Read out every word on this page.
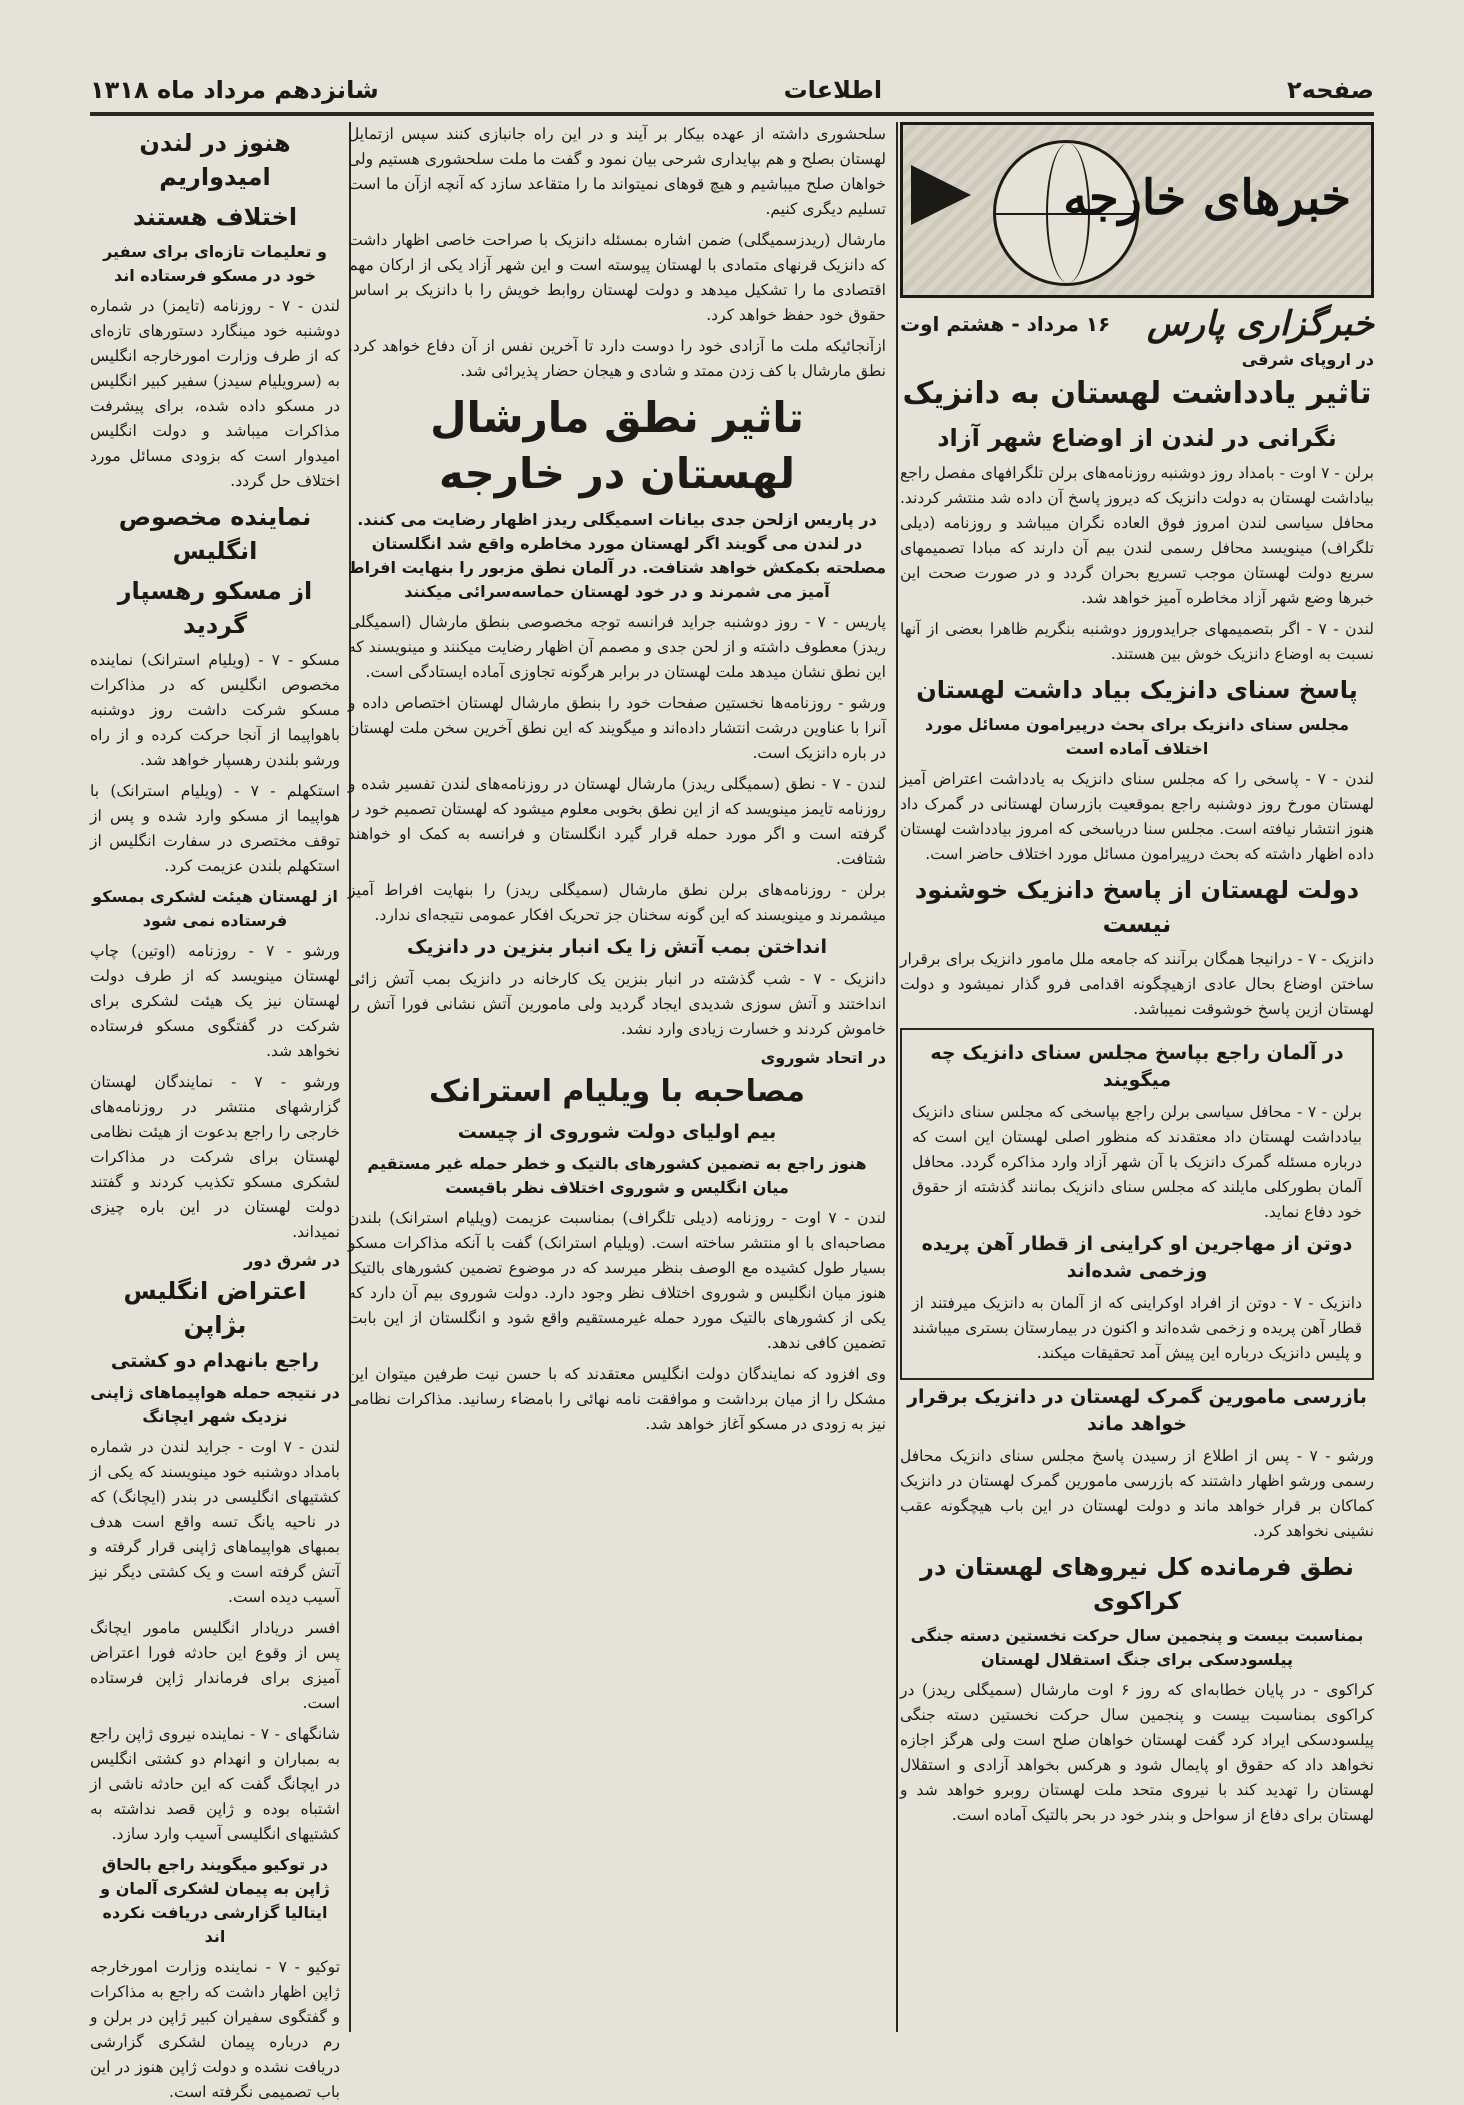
صفحه۲
اطلاعات
شانزدهم مرداد ماه ۱۳۱۸
خبرهای خارجه
خبرگزاری پارس
۱۶ مرداد - هشتم اوت
در اروپای شرقی
تاثیر یادداشت لهستان به دانزیک
نگرانی در لندن از اوضاع شهر آزاد

برلن - ۷ اوت - بامداد روز دوشنبه روزنامه‌های برلن تلگرافهای مفصل راجع بیاداشت لهستان به دولت دانزیک که دیروز پاسخ آن داده شد منتشر کردند. محافل سیاسی لندن امروز فوق العاده نگران میباشد و روزنامه (دیلی تلگراف) مینویسد محافل رسمی لندن بیم آن دارند که مبادا تصمیمهای سریع دولت لهستان موجب تسریع بحران گردد و در صورت صحت این خبرها وضع شهر آزاد مخاطره آمیز خواهد شد.

لندن - ۷ - اگر بتصمیمهای جرایدوروز دوشنبه بنگریم ظاهرا بعضی از آنها نسبت به اوضاع دانزیک خوش بین هستند.

پاسخ سنای دانزیک بیاد داشت لهستان
مجلس سنای دانزیک برای بحث درپیرامون مسائل مورد اختلاف آماده است

لندن - ۷ - پاسخی را که مجلس سنای دانزیک به یادداشت اعتراض آمیز لهستان مورخ روز دوشنبه راجع بموقعیت بازرسان لهستانی در گمرک داد هنوز انتشار نیافته است. مجلس سنا دریاسخی که امروز بیادداشت لهستان داده اظهار داشته که بحث درپیرامون مسائل مورد اختلاف حاضر است.

دولت لهستان از پاسخ دانزیک خوشنود نیست

دانزیک - ۷ - درانیجا همگان برآنند که جامعه ملل مامور دانزیک برای برقرار ساختن اوضاع بحال عادی ازهیچگونه اقدامی فرو گذار نمیشود و دولت لهستان ازین پاسخ خوشوقت نمیباشد.

در آلمان راجع بپاسخ مجلس سنای دانزیک چه میگویند

برلن - ۷ - محافل سیاسی برلن راجع بپاسخی که مجلس سنای دانزیک بیادداشت لهستان داد معتقدند که منظور اصلی لهستان این است که درباره مسئله گمرک دانزیک با آن شهر آزاد وارد مذاکره گردد. محافل آلمان بطورکلی مایلند که مجلس سنای دانزیک بمانند گذشته از حقوق خود دفاع نماید.

دوتن از مهاجرین او کراینی از قطار آهن پریده وزخمی شده‌اند

دانزیک - ۷ - دوتن از افراد اوکراینی که از آلمان به دانزیک میرفتند از قطار آهن پریده و زخمی شده‌اند و اکنون در بیمارستان بستری میباشند و پلیس دانزیک درباره این پیش آمد تحقیقات میکند.

بازرسی مامورین گمرک لهستان در دانزیک برقرار خواهد ماند

ورشو - ۷ - پس از اطلاع از رسیدن پاسخ مجلس سنای دانزیک محافل رسمی ورشو اظهار داشتند که بازرسی مامورین گمرک لهستان در دانزیک کماکان بر قرار خواهد ماند و دولت لهستان در این باب هیچگونه عقب نشینی نخواهد کرد.

نطق فرمانده کل نیروهای لهستان در کراکوی
بمناسبت بیست و پنجمین سال حرکت نخستین دسته جنگی پیلسودسکی برای جنگ استقلال لهستان

کراکوی - در پایان خطابه‌ای که روز ۶ اوت مارشال (سمیگلی ریدز) در کراکوی بمناسبت بیست و پنجمین سال حرکت نخستین دسته جنگی پیلسودسکی ایراد کرد گفت لهستان خواهان صلح است ولی هرگز اجازه نخواهد داد که حقوق او پایمال شود و هرکس بخواهد آزادی و استقلال لهستان را تهدید کند با نیروی متحد ملت لهستان روبرو خواهد شد و لهستان برای دفاع از سواحل و بندر خود در بحر بالتیک آماده است.

سلحشوری داشته از عهده بیکار بر آیند و در این راه جانبازی کنند سپس ازتمایل لهستان بصلح و هم بپایداری شرحی بیان نمود و گفت ما ملت سلحشوری هستیم ولی خواهان صلح میباشیم و هیچ قوهای نمیتواند ما را متقاعد سازد که آنچه ازآن ما است تسلیم دیگری کنیم.

مارشال (ریدزسمیگلی) ضمن اشاره بمسئله دانزیک با صراحت خاصی اظهار داشت که دانزیک قرنهای متمادی با لهستان پیوسته است و این شهر آزاد یکی از ارکان مهم اقتصادی ما را تشکیل میدهد و دولت لهستان روابط خویش را با دانزیک بر اساس حقوق خود حفظ خواهد کرد.

ازآنجائیکه ملت ما آزادی خود را دوست دارد تا آخرین نفس از آن دفاع خواهد کرد. نطق مارشال با کف زدن ممتد و شادی و هیجان حضار پذیرائی شد.

تاثیر نطق مارشال لهستان در خارجه
در پاریس ازلحن جدی بیانات اسمیگلی ریدز اظهار رضایت می کنند. در لندن می گویند اگر لهستان مورد مخاطره واقع شد انگلستان مصلحته بکمکش خواهد شتافت. در آلمان نطق مزبور را بنهایت افراط آمیز می شمرند و در خود لهستان حماسه‌سرائی میکنند

پاریس - ۷ - روز دوشنبه جراید فرانسه توجه مخصوصی بنطق مارشال (اسمیگلی ریدز) معطوف داشته و از لحن جدی و مصمم آن اظهار رضایت میکنند و مینویسند که این نطق نشان میدهد ملت لهستان در برابر هرگونه تجاوزی آماده ایستادگی است.

ورشو - روزنامه‌ها نخستین صفحات خود را بنطق مارشال لهستان اختصاص داده و آنرا با عناوین درشت انتشار داده‌اند و میگویند که این نطق آخرین سخن ملت لهستان در باره دانزیک است.

لندن - ۷ - نطق (سمیگلی ریدز) مارشال لهستان در روزنامه‌های لندن تفسیر شده و روزنامه تایمز مینویسد که از این نطق بخوبی معلوم میشود که لهستان تصمیم خود را گرفته است و اگر مورد حمله قرار گیرد انگلستان و فرانسه به کمک او خواهند شتافت.

برلن - روزنامه‌های برلن نطق مارشال (سمیگلی ریدز) را بنهایت افراط آمیز میشمرند و مینویسند که این گونه سخنان جز تحریک افکار عمومی نتیجه‌ای ندارد.

انداختن بمب آتش زا یک انبار بنزین در دانزیک

دانزیک - ۷ - شب گذشته در انبار بنزین یک کارخانه در دانزیک بمب آتش زائی انداختند و آتش سوزی شدیدی ایجاد گردید ولی مامورین آتش نشانی فورا آتش را خاموش کردند و خسارت زیادی وارد نشد.

در اتحاد شوروی
مصاحبه با ویلیام استرانک
بیم اولیای دولت شوروی از چیست
هنوز راجع به تضمین کشورهای بالتیک و خطر حمله غیر مستقیم میان انگلیس و شوروی اختلاف نظر باقیست

لندن - ۷ اوت - روزنامه (دیلی تلگراف) بمناسبت عزیمت (ویلیام استرانک) بلندن مصاحبه‌ای با او منتشر ساخته است. (ویلیام استرانک) گفت با آنکه مذاکرات مسکو بسیار طول کشیده مع الوصف بنظر میرسد که در موضوع تضمین کشورهای بالتیک هنوز میان انگلیس و شوروی اختلاف نظر وجود دارد. دولت شوروی بیم آن دارد که یکی از کشورهای بالتیک مورد حمله غیرمستقیم واقع شود و انگلستان از این بابت تضمین کافی ندهد.

وی افزود که نمایندگان دولت انگلیس معتقدند که با حسن نیت طرفین میتوان این مشکل را از میان برداشت و موافقت نامه نهائی را بامضاء رسانید. مذاکرات نظامی نیز به زودی در مسکو آغاز خواهد شد.

هنوز در لندن امیدواریم
اختلاف هستند
و تعلیمات تازه‌ای برای سفیر خود در مسکو فرستاده اند

لندن - ۷ - روزنامه (تایمز) در شماره دوشنبه خود مینگارد دستورهای تازه‌ای که از طرف وزارت امورخارجه انگلیس به (سرویلیام سیدز) سفیر کبیر انگلیس در مسکو داده شده، برای پیشرفت مذاکرات میباشد و دولت انگلیس امیدوار است که بزودی مسائل مورد اختلاف حل گردد.

نماینده مخصوص انگلیس
از مسکو رهسپار گردید

مسکو - ۷ - (ویلیام استرانک) نماینده مخصوص انگلیس که در مذاکرات مسکو شرکت داشت روز دوشنبه باهواپیما از آنجا حرکت کرده و از راه ورشو بلندن رهسپار خواهد شد.

استکهلم - ۷ - (ویلیام استرانک) با هواپیما از مسکو وارد شده و پس از توقف مختصری در سفارت انگلیس از استکهلم بلندن عزیمت کرد.

از لهستان هیئت لشکری بمسکو فرستاده نمی شود

ورشو - ۷ - روزنامه (اوتین) چاپ لهستان مینویسد که از طرف دولت لهستان نیز یک هیئت لشکری برای شرکت در گفتگوی مسکو فرستاده نخواهد شد.

ورشو - ۷ - نمایندگان لهستان گزارشهای منتشر در روزنامه‌های خارجی را راجع بدعوت از هیئت نظامی لهستان برای شرکت در مذاکرات لشکری مسکو تکذیب کردند و گفتند دولت لهستان در این باره چیزی نمیداند.

در شرق دور
اعتراض انگلیس بژاپن
راجع بانهدام دو کشتی
در نتیجه حمله هواپیماهای ژاپنی نزدیک شهر ایچانگ

لندن - ۷ اوت - جراید لندن در شماره بامداد دوشنبه خود مینویسند که یکی از کشتیهای انگلیسی در بندر (ایچانگ) که در ناحیه یانگ تسه واقع است هدف بمبهای هواپیماهای ژاپنی قرار گرفته و آتش گرفته است و یک کشتی دیگر نیز آسیب دیده است.

افسر دریادار انگلیس مامور ایچانگ پس از وقوع این حادثه فورا اعتراض آمیزی برای فرماندار ژاپن فرستاده است.

شانگهای - ۷ - نماینده نیروی ژاپن راجع به بمباران و انهدام دو کشتی انگلیس در ایچانگ گفت که این حادثه ناشی از اشتباه بوده و ژاپن قصد نداشته به کشتیهای انگلیسی آسیب وارد سازد.

در توکیو میگویند راجع بالحاق ژاپن به پیمان لشکری آلمان و ایتالیا گزارشی دریافت نکرده اند

توکیو - ۷ - نماینده وزارت امورخارجه ژاپن اظهار داشت که راجع به مذاکرات و گفتگوی سفیران کبیر ژاپن در برلن و رم درباره پیمان لشکری گزارشی دریافت نشده و دولت ژاپن هنوز در این باب تصمیمی نگرفته است.
